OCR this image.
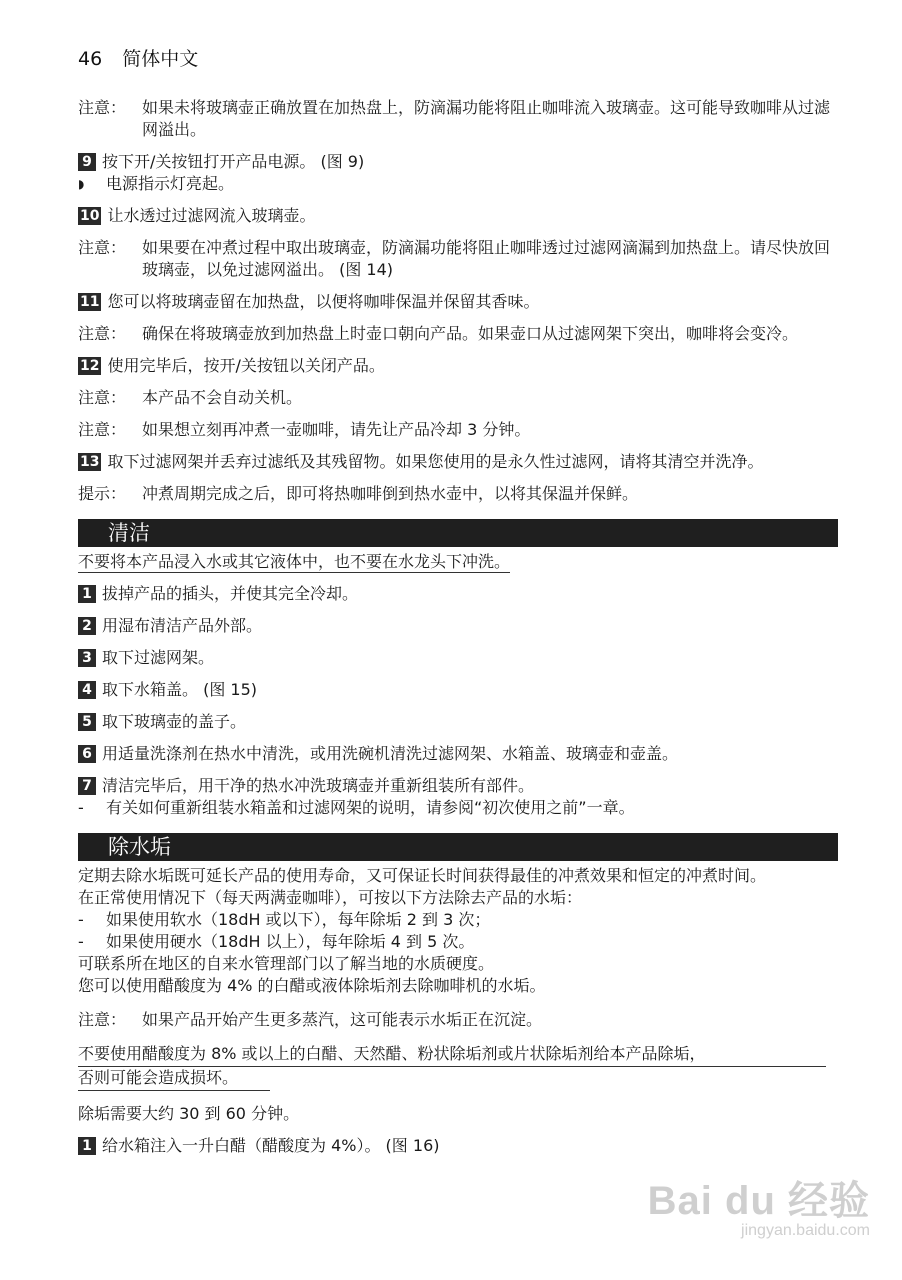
46 简体中文
注意： 如果未将玻璃壶正确放置在加热盘上，防滴漏功能将阻止咖啡流入玻璃壶。这可能导致咖啡从过滤网溢出。
9 按下开/关按钮打开产品电源。 (图 9)
◗	电源指示灯亮起。
10 让水透过过滤网流入玻璃壶。
注意： 如果要在冲煮过程中取出玻璃壶，防滴漏功能将阻止咖啡透过过滤网滴漏到加热盘上。请尽快放回玻璃壶，以免过滤网溢出。 (图 14)
11 您可以将玻璃壶留在加热盘，以便将咖啡保温并保留其香味。
注意： 确保在将玻璃壶放到加热盘上时壶口朝向产品。如果壶口从过滤网架下突出，咖啡将会变冷。
12 使用完毕后，按开/关按钮以关闭产品。
注意： 本产品不会自动关机。
注意： 如果想立刻再冲煮一壶咖啡，请先让产品冷却 3 分钟。
13 取下过滤网架并丢弃过滤纸及其残留物。如果您使用的是永久性过滤网，请将其清空并洗净。
提示： 冲煮周期完成之后，即可将热咖啡倒到热水壶中，以将其保温并保鲜。
清洁
不要将本产品浸入水或其它液体中，也不要在水龙头下冲洗。
1 拔掉产品的插头，并使其完全冷却。
2 用湿布清洁产品外部。
3 取下过滤网架。
4 取下水箱盖。 (图 15)
5 取下玻璃壶的盖子。
6 用适量洗涤剂在热水中清洗，或用洗碗机清洗过滤网架、水箱盖、玻璃壶和壶盖。
7 清洁完毕后，用干净的热水冲洗玻璃壶并重新组装所有部件。
-	有关如何重新组装水箱盖和过滤网架的说明，请参阅“初次使用之前”一章。
除水垢
定期去除水垢既可延长产品的使用寿命，又可保证长时间获得最佳的冲煮效果和恒定的冲煮时间。
在正常使用情况下（每天两满壶咖啡），可按以下方法除去产品的水垢：
-	如果使用软水（18dH 或以下），每年除垢 2 到 3 次；
-	如果使用硬水（18dH 以上），每年除垢 4 到 5 次。
可联系所在地区的自来水管理部门以了解当地的水质硬度。
您可以使用醋酸度为 4% 的白醋或液体除垢剂去除咖啡机的水垢。
注意： 如果产品开始产生更多蒸汽，这可能表示水垢正在沉淀。
不要使用醋酸度为 8% 或以上的白醋、天然醋、粉状除垢剂或片状除垢剂给本产品除垢，
否则可能会造成损坏。
除垢需要大约 30 到 60 分钟。
1 给水箱注入一升白醋（醋酸度为 4%）。 (图 16)
Bai du 经验
jingyan.baidu.com
